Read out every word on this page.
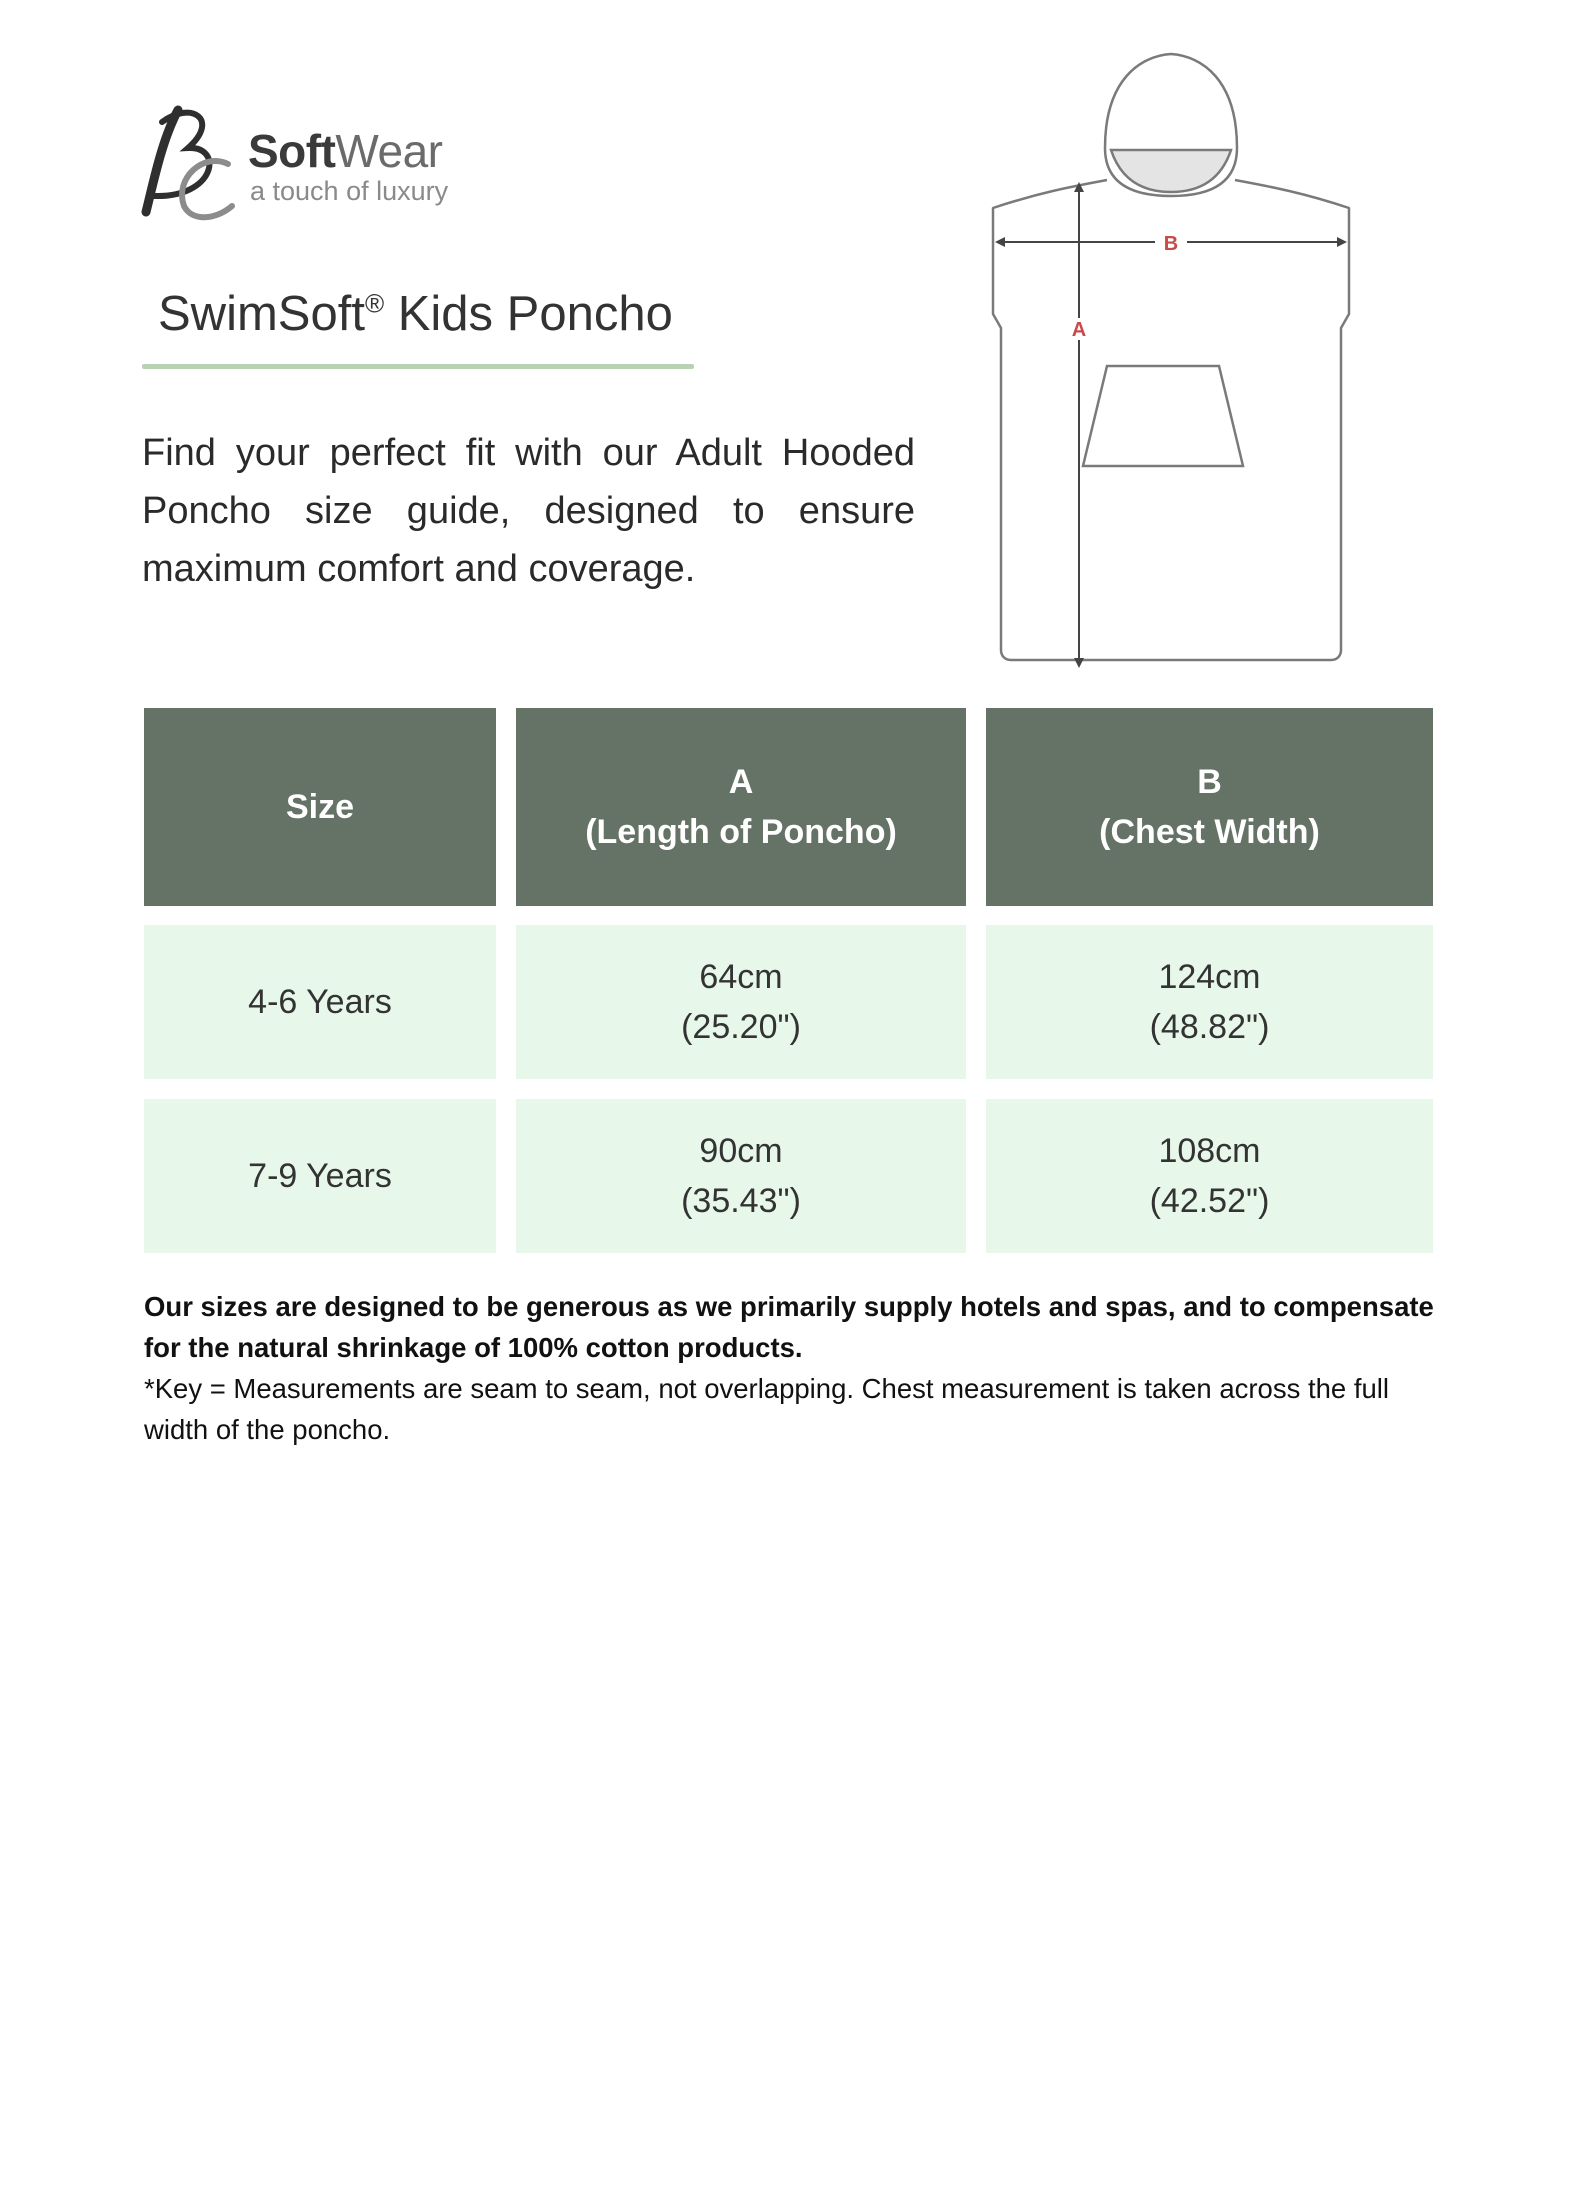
SoftWear
a touch of luxury
SwimSoft® Kids Poncho
Find your perfect fit with our Adult Hooded Poncho size guide, designed to ensure maximum comfort and coverage.
B
A
Size
A
(Length of Poncho)
B
(Chest Width)
4-6 Years
64cm
(25.20")
124cm
(48.82")
7-9 Years
90cm
(35.43")
108cm
(42.52")
Our sizes are designed to be generous as we primarily supply hotels and spas, and to compensate for the natural shrinkage of 100% cotton products.
*Key = Measurements are seam to seam, not overlapping. Chest measurement is taken across the full width of the poncho.
